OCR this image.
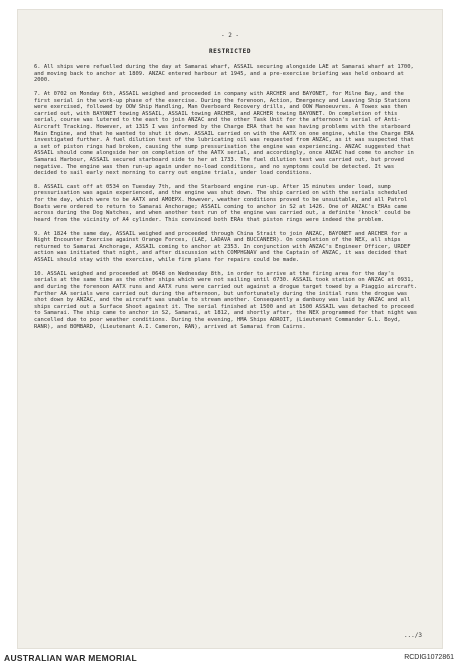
- 2 -
RESTRICTED

6. All ships were refuelled during the day at Samarai wharf, ASSAIL securing alongside LAE at Samarai wharf at 1700, and moving back to anchor at 1809. ANZAC entered harbour at 1945, and a pre-exercise briefing was held onboard at 2000.

7. At 0702 on Monday 6th, ASSAIL weighed and proceeded in company with ARCHER and BAYONET, for Milne Bay, and the first serial in the work-up phase of the exercise. During the forenoon, Action, Emergency and Leaving Ship Stations were exercised, followed by OOW Ship Handling, Man Overboard Recovery drills, and OOW Manoeuvres. A Towex was then carried out, with BAYONET towing ASSAIL, ASSAIL towing ARCHER, and ARCHER towing BAYONET. On completion of this serial, course was lutered to the east to join ANZAC and the other Task Unit for the afternoon's serial of Anti-Aircraft Tracking. However, at 1315 I was informed by the Charge ERA that he was having problems with the starboard Main Engine, and that he wanted to shut it down. ASSAIL carried on with the AATX on one engine, while the Charge ERA investigated further. A fuel dilution test of the lubricating oil was requested from ANZAC, as it was suspected that a set of piston rings had broken, causing the sump pressurisation the engine was experiencing. ANZAC suggested that ASSAIL should come alongside her on completion of the AATX serial, and accordingly, once ANZAC had come to anchor in Samarai Harbour, ASSAIL secured starboard side to her at 1733. The fuel dilution test was carried out, but proved negative. The engine was then run-up again under no-load conditions, and no symptoms could be detected. It was decided to sail early next morning to carry out engine trials, under load conditions.

8. ASSAIL cast off at 0534 on Tuesday 7th, and the Starboard engine run-up. After 15 minutes under load, sump pressurisation was again experienced, and the engine was shut down. The ship carried on with the serials scheduled for the day, which were to be AATX and AMOEPX. However, weather conditions proved to be unsuitable, and all Patrol Boats were ordered to return to Samarai Anchorage; ASSAIL coming to anchor in S2 at 1426. One of ANZAC's ERAs came across during the Dog Watches, and when another test run of the engine was carried out, a definite 'knock' could be heard from the vicinity of A4 cylinder. This convinced both ERAs that piston rings were indeed the problem.

9. At 1824 the same day, ASSAIL weighed and proceeded through China Strait to join ANZAC, BAYONET and ARCHER for a Night Encounter Exercise against Orange Forces, (LAE, LADAVA and BUCCANEER). On completion of the NEX, all ships returned to Samarai Anchorage, ASSAIL coming to anchor at 2353. In conjunction with ANZAC's Engineer Officer, URDEF action was initiated that night, and after discussion with COMPHGNAV and the Captain of ANZAC, it was decided that ASSAIL should stay with the exercise, while firm plans for repairs could be made.

10. ASSAIL weighed and proceeded at 0648 on Wednesday 8th, in order to arrive at the firing area for the day's serials at the same time as the other ships which were not sailing until 0730. ASSAIL took station on ANZAC at 0931, and during the forenoon AATX runs and AATX runs were carried out against a drogue target towed by a Piaggio aircraft. Further AA serials were carried out during the afternoon, but unfortunately during the initial runs the drogue was shot down by ANZAC, and the aircraft was unable to stream another. Consequently a danbuoy was laid by ANZAC and all ships carried out a Surface Shoot against it. The serial finished at 1500 and at 1500 ASSAIL was detached to proceed to Samarai. The ship came to anchor in S2, Samarai, at 1812, and shortly after, the NEX programmed for that night was cancelled due to poor weather conditions. During the evening, HMA Ships ADROIT, (Lieutenant Commander G.L. Boyd, RANR), and BOMBARD, (Lieutenant A.I. Cameron, RAN), arrived at Samarai from Cairns.

.../3
AUSTRALIAN WAR MEMORIAL	RCDIG1072861
